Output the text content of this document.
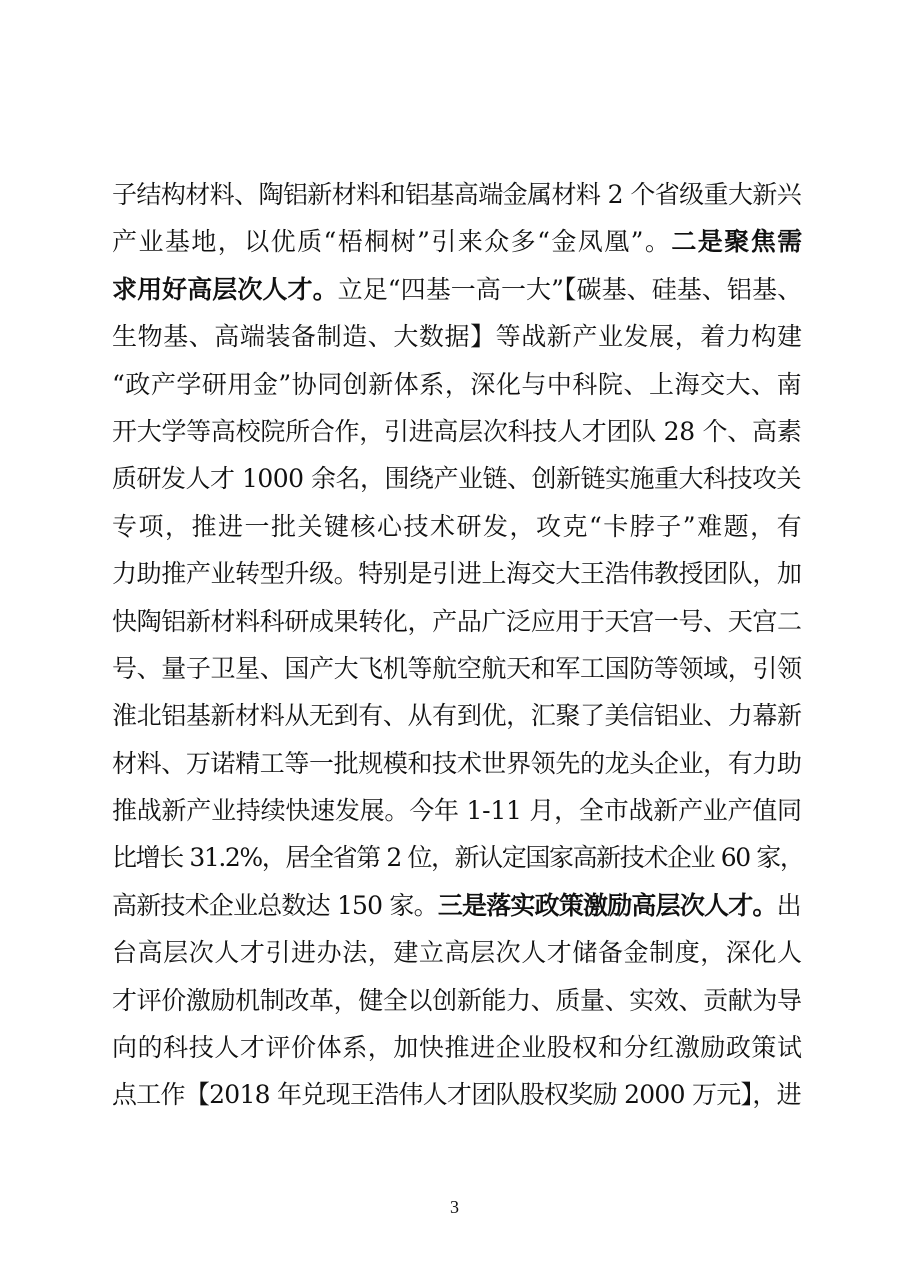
子结构材料、陶铝新材料和铝基高端金属材料 2 个省级重大新兴
产业基地，以优质“梧桐树”引来众多“金凤凰”。二是聚焦需
求用好高层次人才。立足“四基一高一大”【碳基、硅基、铝基、
生物基、高端装备制造、大数据】等战新产业发展，着力构建
“政产学研用金”协同创新体系，深化与中科院、上海交大、南
开大学等高校院所合作，引进高层次科技人才团队 28 个、高素
质研发人才 1000 余名，围绕产业链、创新链实施重大科技攻关
专项，推进一批关键核心技术研发，攻克“卡脖子”难题，有
力助推产业转型升级。特别是引进上海交大王浩伟教授团队，加
快陶铝新材料科研成果转化，产品广泛应用于天宫一号、天宫二
号、量子卫星、国产大飞机等航空航天和军工国防等领域，引领
淮北铝基新材料从无到有、从有到优，汇聚了美信铝业、力幕新
材料、万诺精工等一批规模和技术世界领先的龙头企业，有力助
推战新产业持续快速发展。今年 1-11 月，全市战新产业产值同
比增长 31.2%，居全省第 2 位，新认定国家高新技术企业 60 家，
高新技术企业总数达 150 家。三是落实政策激励高层次人才。出
台高层次人才引进办法，建立高层次人才储备金制度，深化人
才评价激励机制改革，健全以创新能力、质量、实效、贡献为导
向的科技人才评价体系，加快推进企业股权和分红激励政策试
点工作【2018 年兑现王浩伟人才团队股权奖励 2000 万元】，进
3
